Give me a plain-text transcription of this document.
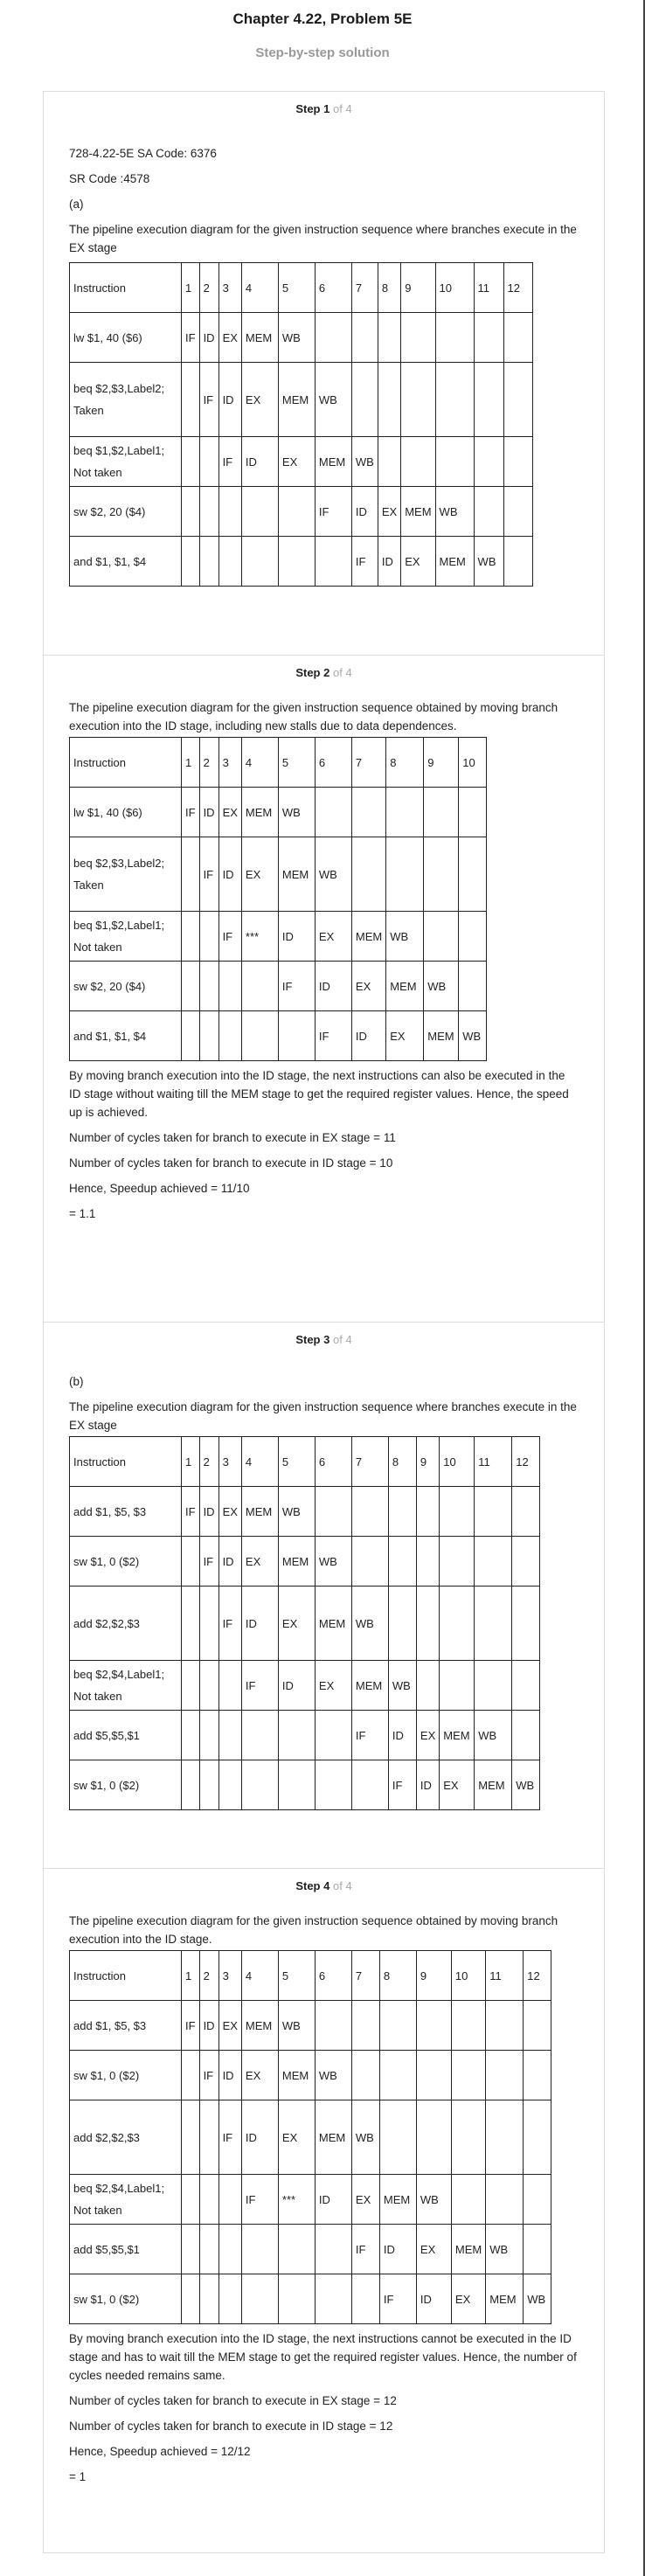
Chapter 4.22, Problem 5E
Step-by-step solution
Step 1 of 4

728-4.22-5E SA Code: 6376

SR Code :4578

(a)

The pipeline execution diagram for the given instruction sequence where branches execute in the EX stage

Instruction	1	2	3	4	5	6	7	8	9	10	11	12
lw $1, 40 ($6)	IF	ID	EX	MEM	WB							
beq $2,$3,Label2; Taken		IF	ID	EX	MEM	WB						
beq $1,$2,Label1; Not taken			IF	ID	EX	MEM	WB					
sw $2, 20 ($4)						IF	ID	EX	MEM	WB		
and $1, $1, $4							IF	ID	EX	MEM	WB	
Step 2 of 4

The pipeline execution diagram for the given instruction sequence obtained by moving branch execution into the ID stage, including new stalls due to data dependences.

Instruction	1	2	3	4	5	6	7	8	9	10
lw $1, 40 ($6)	IF	ID	EX	MEM	WB					
beq $2,$3,Label2; Taken		IF	ID	EX	MEM	WB				
beq $1,$2,Label1; Not taken			IF	***	ID	EX	MEM	WB		
sw $2, 20 ($4)					IF	ID	EX	MEM	WB	
and $1, $1, $4						IF	ID	EX	MEM	WB

By moving branch execution into the ID stage, the next instructions can also be executed in the ID stage without waiting till the MEM stage to get the required register values. Hence, the speed up is achieved.

Number of cycles taken for branch to execute in EX stage = 11

Number of cycles taken for branch to execute in ID stage = 10

Hence, Speedup achieved = 11/10

= 1.1

Step 3 of 4

(b)

The pipeline execution diagram for the given instruction sequence where branches execute in the EX stage

Instruction	1	2	3	4	5	6	7	8	9	10	11	12
add $1, $5, $3	IF	ID	EX	MEM	WB							
sw $1, 0 ($2)		IF	ID	EX	MEM	WB						
add $2,$2,$3			IF	ID	EX	MEM	WB					
beq $2,$4,Label1; Not taken				IF	ID	EX	MEM	WB				
add $5,$5,$1							IF	ID	EX	MEM	WB	
sw $1, 0 ($2)								IF	ID	EX	MEM	WB
Step 4 of 4

The pipeline execution diagram for the given instruction sequence obtained by moving branch execution into the ID stage.

Instruction	1	2	3	4	5	6	7	8	9	10	11	12
add $1, $5, $3	IF	ID	EX	MEM	WB							
sw $1, 0 ($2)		IF	ID	EX	MEM	WB						
add $2,$2,$3			IF	ID	EX	MEM	WB					
beq $2,$4,Label1; Not taken				IF	***	ID	EX	MEM	WB			
add $5,$5,$1							IF	ID	EX	MEM	WB	
sw $1, 0 ($2)								IF	ID	EX	MEM	WB

By moving branch execution into the ID stage, the next instructions cannot be executed in the ID stage and has to wait till the MEM stage to get the required register values. Hence, the number of cycles needed remains same.

Number of cycles taken for branch to execute in EX stage = 12

Number of cycles taken for branch to execute in ID stage = 12

Hence, Speedup achieved = 12/12

= 1
